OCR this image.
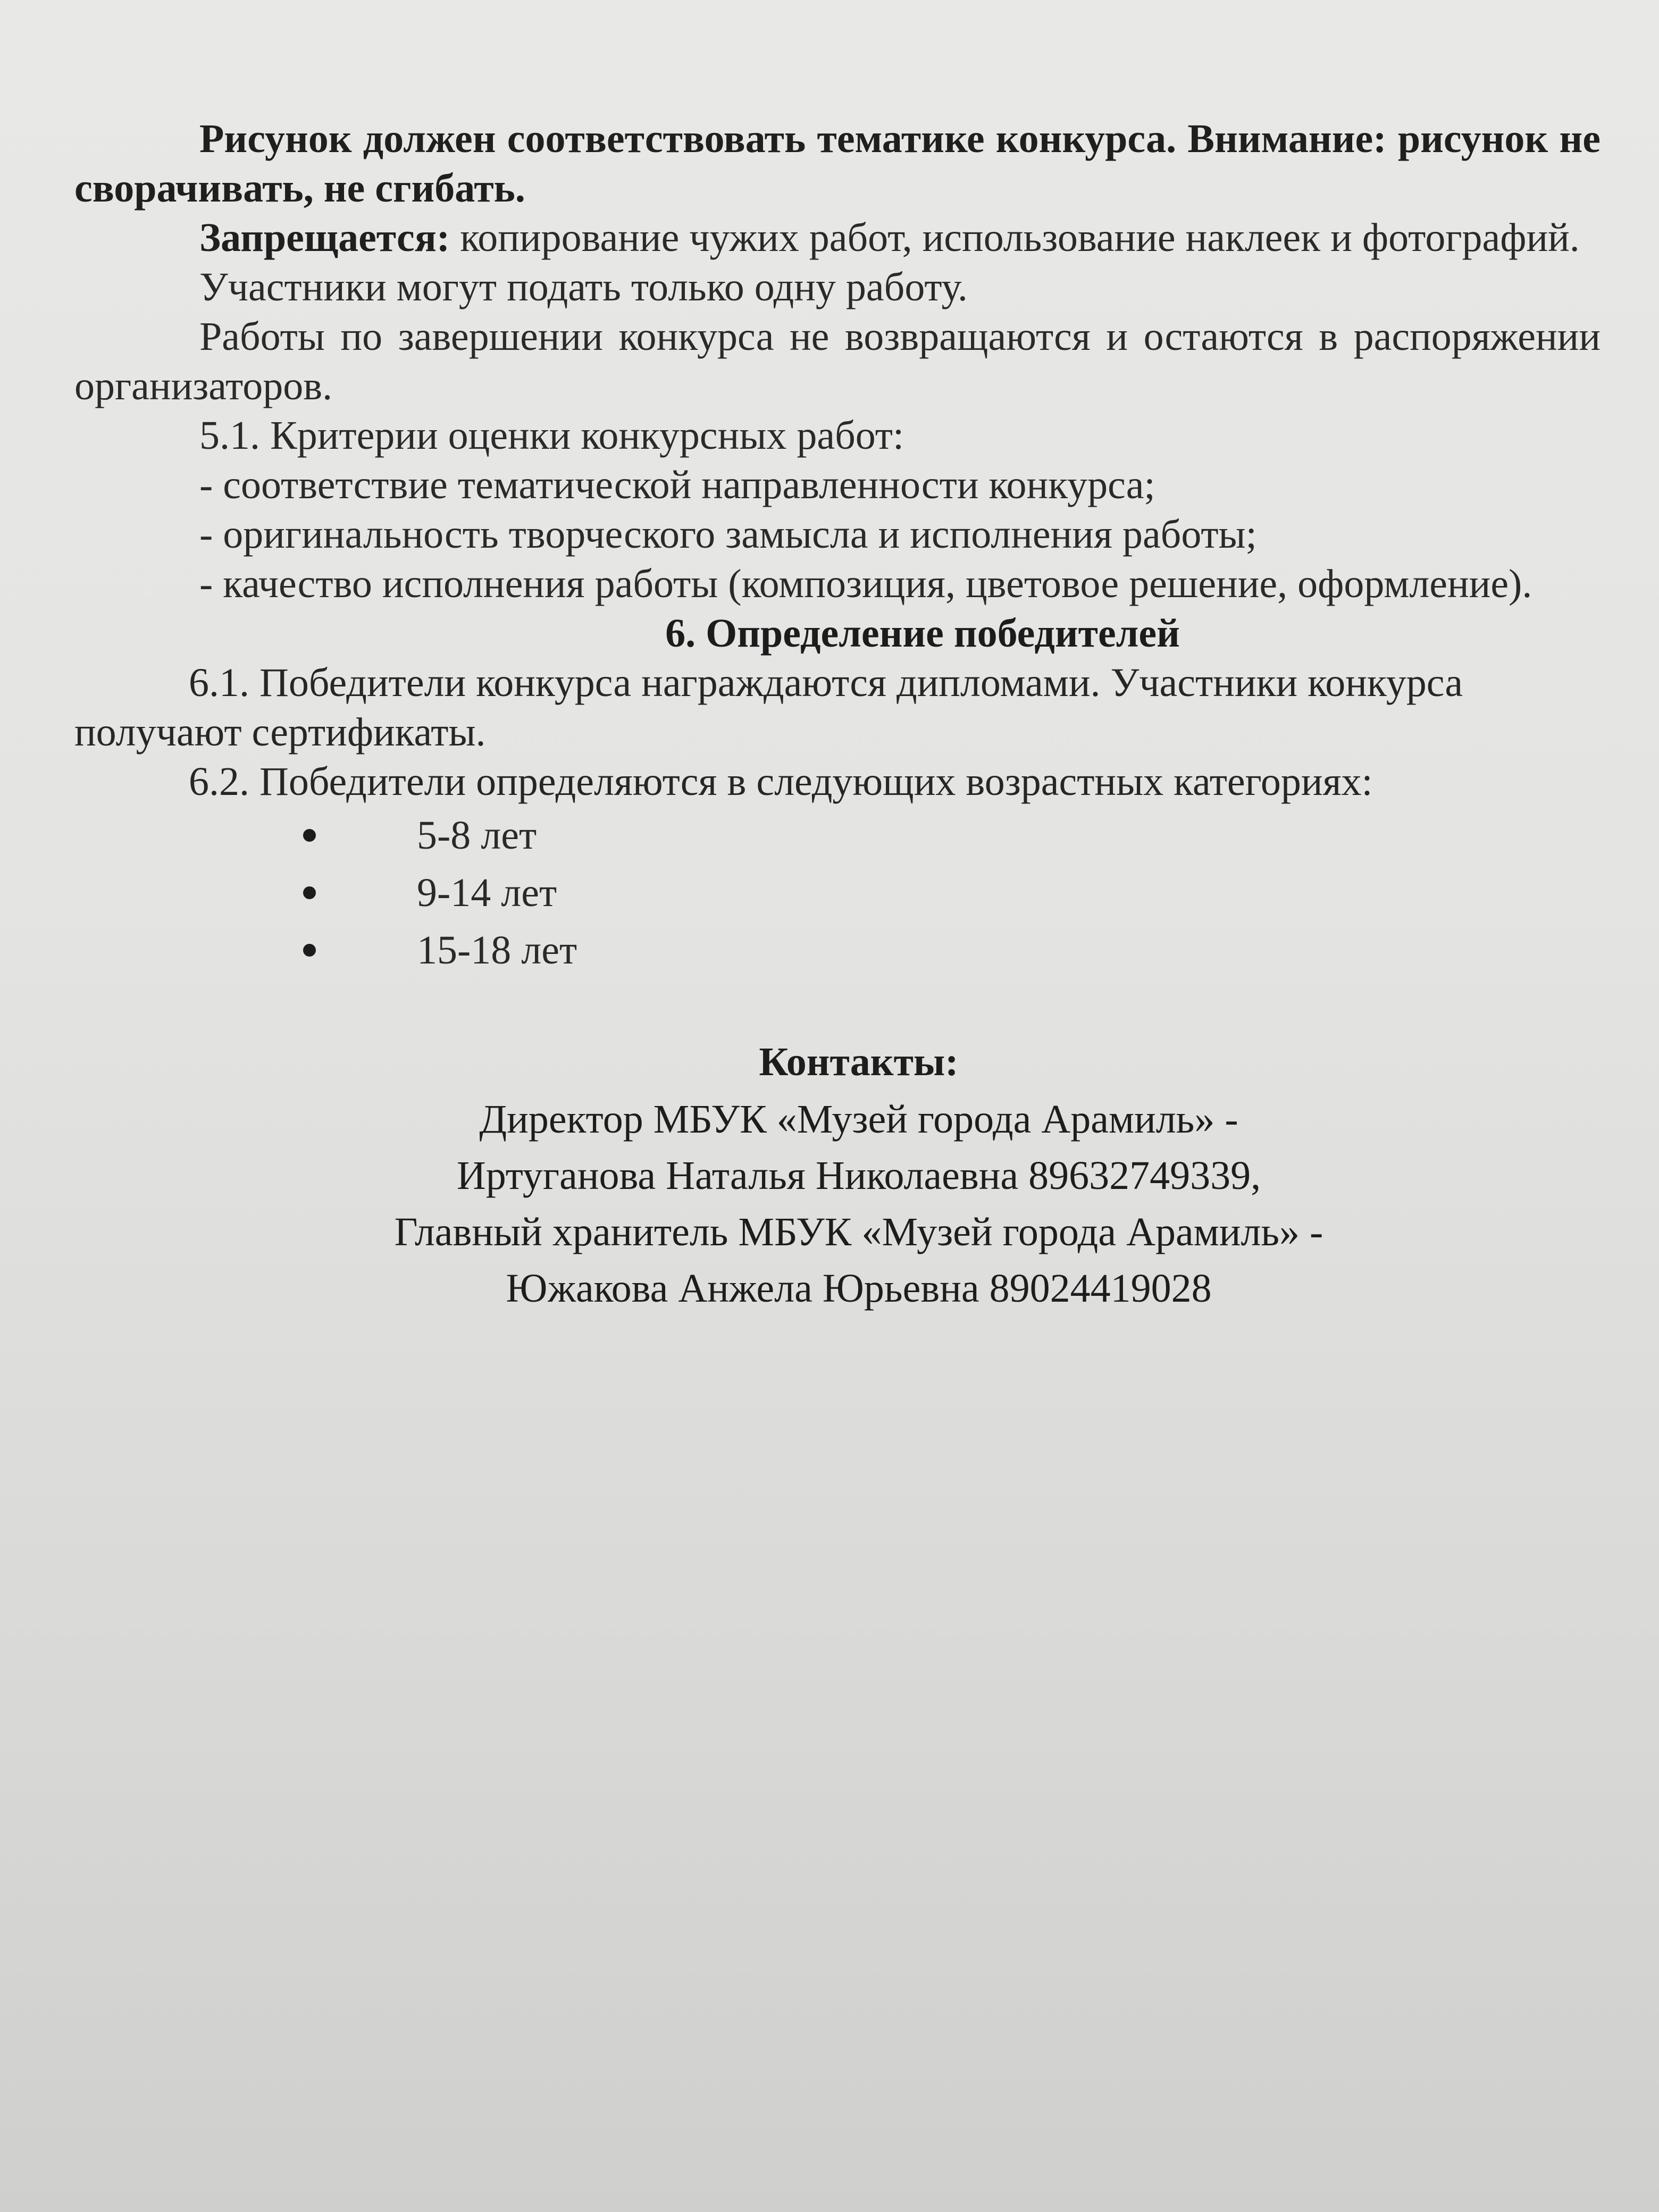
Рисунок должен соответствовать тематике конкурса. Внимание: рисунок не сворачивать, не сгибать.

Запрещается: копирование чужих работ, использование наклеек и фотографий.

Участники могут подать только одну работу.

Работы по завершении конкурса не возвращаются и остаются в распоряжении организаторов.

5.1. Критерии оценки конкурсных работ:

- соответствие тематической направленности конкурса;

- оригинальность творческого замысла и исполнения работы;

- качество исполнения работы (композиция, цветовое решение, оформление).

6. Определение победителей

6.1. Победители конкурса награждаются дипломами. Участники конкурса получают сертификаты.

6.2. Победители определяются в следующих возрастных категориях:

5-8 лет
9-14 лет
15-18 лет
Контакты:
Директор МБУК «Музей города Арамиль» -
Иртуганова Наталья Николаевна 89632749339,
Главный хранитель МБУК «Музей города Арамиль» -
Южакова Анжела Юрьевна 89024419028
